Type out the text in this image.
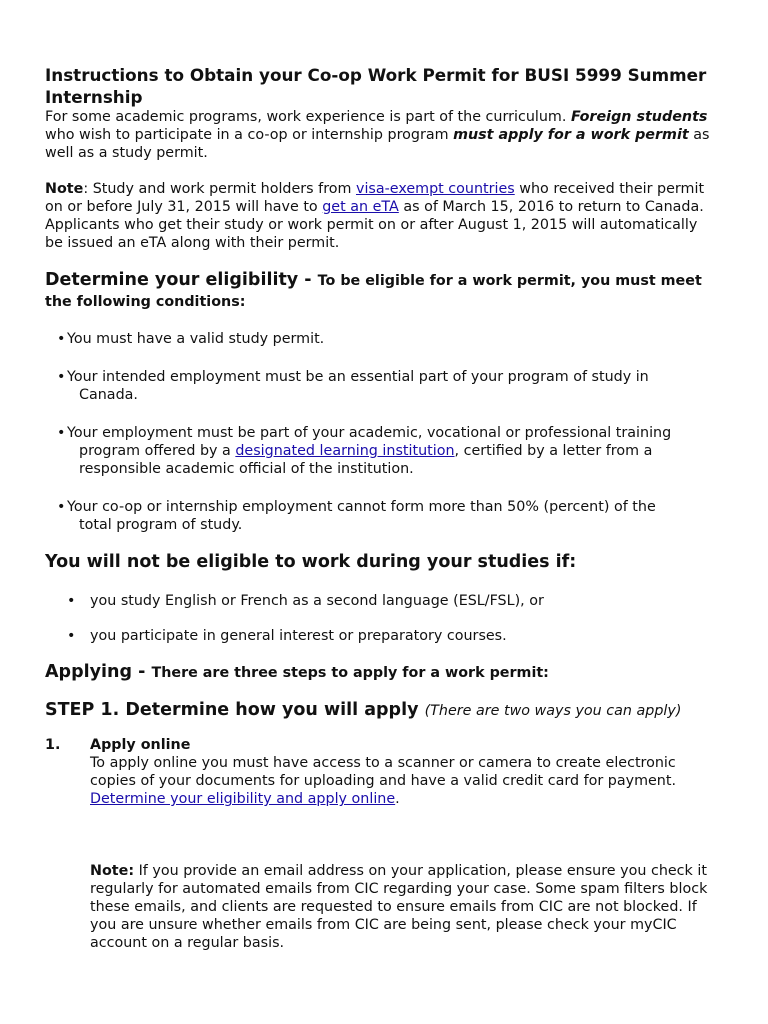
Instructions to Obtain your Co-op Work Permit for BUSI 5999 Summer Internship

For some academic programs, work experience is part of the curriculum. Foreign students who wish to participate in a co-op or internship program must apply for a work permit as well as a study permit.

Note: Study and work permit holders from visa-exempt countries who received their permit on or before July 31, 2015 will have to get an eTA as of March 15, 2016 to return to Canada. Applicants who get their study or work permit on or after August 1, 2015 will automatically be issued an eTA along with their permit.

Determine your eligibility - To be eligible for a work permit, you must meet the following conditions:
• You must have a valid study permit.
• Your intended employment must be an essential part of your program of study in
Canada.
• Your employment must be part of your academic, vocational or professional training
program offered by a designated learning institution, certified by a letter from a responsible academic official of the institution.
• Your co-op or internship employment cannot form more than 50% (percent) of the
total program of study.
You will not be eligible to work during your studies if:
• you study English or French as a second language (ESL/FSL), or
• you participate in general interest or preparatory courses.
Applying - There are three steps to apply for a work permit:
STEP 1. Determine how you will apply (There are two ways you can apply)
1. Apply online
To apply online you must have access to a scanner or camera to create electronic copies of your documents for uploading and have a valid credit card for payment. Determine your eligibility and apply online.

Note: If you provide an email address on your application, please ensure you check it regularly for automated emails from CIC regarding your case. Some spam filters block these emails, and clients are requested to ensure emails from CIC are not blocked. If you are unsure whether emails from CIC are being sent, please check your myCIC account on a regular basis.
